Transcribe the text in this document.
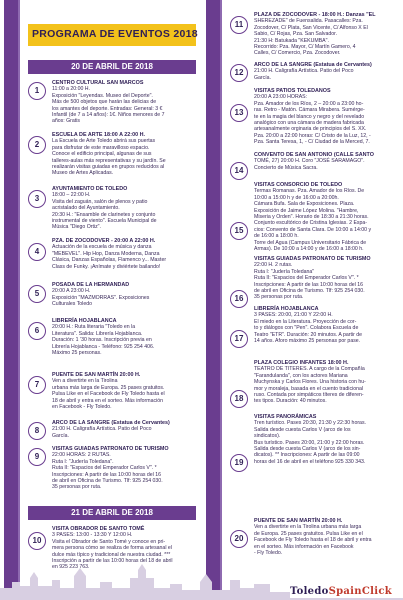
PROGRAMA DE EVENTOS 2018
20 DE ABRIL DE 2018
21 DE ABRIL DE 2018
ToledoSpainClick
1
CENTRO CULTURAL SAN MARCOS
11:00 a 20:00 H.
Exposición "Leyendas. Museo del Deporte".
Más de 500 objetos que harán las delicias de
los amantes del deporte. Entradas: General: 3 €
Infantil (de 7 a 14 años): 1€. Niños menores de 7
años: Gratis
2
ESCUELA DE ARTE 18:00 A 22:00 H.
La Escuela de Arte Toledo abrirá sus puertas
para disfrutar de este maravilloso espacio.
Conoce el edificio principal, algunas de sus
talleres-aulas más representativas y su jardín. Se
realizarán visitas guiadas en grupos reducidos al
Museo de Artes Aplicadas.
3
AYUNTAMIENTO DE TOLEDO
18:00 – 22:00 H.
Visita del zaguán, salón de plenos y patio
acristalado del Ayuntamiento.
20:30 H.: "Ensamble de clarinetes y conjunto
instrumental de viento". Escuela Municipal de
Música "Diego Ortiz".
4
PZA. DE ZOCODOVER - 20:00 A 22:00 H.
Actuación de la escuela de música y danza
"MEBEVEL". Hip Hop, Danza Moderna, Danza
Clásica, Danzas Españolas, Flamenco y... Master
Class de Funky. ¡Anímate y diviértete bailando!
5
POSADA DE LA HERMANDAD
20:00 A 23:00 H.
Exposición "MAZMORRAS". Exposiciones
Culturales Toledo
6
LIBRERÍA HOJABLANCA
20:00 H.: Ruta literaria "Toledo en la
Literatura". Salida: Librería Hojablanca.
Duración: 1 ’30 horas. Inscripción previa en
Librería Hojablanca - Teléfono: 925 254 406.
Máximo 25 personas.
7
PUENTE DE SAN MARTÍN 20:00 H.
Ven a divertirte en la Tirolina
urbana más larga de Europa. 25 pases gratuitos.
Pulsa Like en el Facebook de Fly Toledo hasta el
18 de abril y entra en el sorteo. Más información
en Facebook - Fly Toledo.
8
ARCO DE LA SANGRE (Estatua de Cervantes)
21:00 H. Caligrafía Artística. Patio del Poco
García.
9
VISITAS GUIADAS PATRONATO DE TURISMO
22:00 HORAS: 2 RUTAS.
Ruta I: "Judería Toledana".
Ruta II: "Espacios del Emperador Carlos V". *
Inscripciones: A partir de las 10:00 horas del 16
de abril en Oficina de Turismo. Tlf: 925 254 030.
35 personas por ruta.
10
VISITA OBRADOR DE SANTO TOMÉ
3 PASES: 13:00 - 13:30 Y 12:00 H.
Visita el Obrador de Santo Tomé y conoce en pri-
mera persona cómo se realiza de forma artesanal el
dulce más típico y tradicional de nuestra ciudad. ***
Inscripción a partir de las 10:00 horas del 18 de abril
en 925 223 763.
11
PLAZA DE ZOCODOVER - 18:00 H.: Danzas "EL
SHEREZADE" de Fuensalida. Pasacalles: Pza.
Zocodover, C/ Plata, San Vicente, C/ Alfonso X El
Sabio, C/ Rojas, Pza. San Salvador.
21:30 H: Batukada "KEKUMBA".
Recorrido: Pza. Mayor, C/ Martín Gamero, 4
Calles, C/ Comercio, Pza. Zocodover.
12
ARCO DE LA SANGRE (Estatua de Cervantes)
21:00 H. Caligrafía Artística. Patio del Poco
García.
13
VISITAS PATIOS TOLEDANOS
20:00 A 23:00 HORAS:
Pza. Amador de los Ríos, 2 – 20:00 a 23:00 ho-
ras. Retro - Matón. Cámara Mirabera. Sumérge-
te en la magia del blanco y negro y del revelado
analógico con una cámara de madera fabricada
artesanalmente orginaria de principios del S. XX.
Pza. 20:00 a 22:00 horas: C/ Cristo de la Luz, 12, -
Pza. Santa Teresa, 1, - C/ Ciudad de la Merced, 7.
14
CONVENTO DE SAN ANTONIO (CALLE SANTO
TOMÉ, 27) 20:00 H. Coro "JOSÉ SARAMAGO".
Concierto de Música Sacra.
15
VISITAS CONSORCIO DE TOLEDO
Termas Romanas. Pza. Amador de los Ríos. De
10:00 a 15:00 h y de 16:00 a 20:00h.
Cámara Bufa. Sala de Exposiciones. Plaza.
Exposición de Jaime López Molina. "Hambre,
Miseria y Orden". Horario de 18:30 a 21:30 horas.
Conjunto escultórico de Cristina Iglesias. 2 Espa-
cios: Convento de Santa Clara. De 10:00 a 14:00 y
de 16:00 a 18:00 h.
Torre del Agua (Campus Universitario Fábrica de
Armas). De 10:00 a 14:00 y de 16:00 a 18:00 h.
16
VISITAS GUIADAS PATRONATO DE TURISMO
22:00 H. 2 rutas.
Ruta I: "Judería Toledana"
Ruta II: "Espacios del Emperador Carlos V". *
Inscripciones: A partir de las 10:00 horas del 16
de abril en Oficina de Turismo. Tlf: 925 254 030.
35 personas por ruta.
17
LIBRERÍA HOJABLANCA
3 PASES: 20:00, 21:00 Y 22:00 H.
El miedo en la Literatura. Proyección de cor-
to y diálogos con "Pen". Colabora Escuela de
Teatro "ETR". Duración: 20 minutos. A partir de
14 años. Aforo máximo 25 personas por pase.
18
PLAZA COLEGIO INFANTES 18:00 H.
TEATRO DE TITERES. A cargo de la Compañía
"Farandulanda", con los actores Mariana
Muchynska y Carlos Flores. Una historia con hu-
mor y moraleja, basada en el cuento tradicional
ruso. Contada por simpáticos títeres de diferen-
tes tipos. Duración: 40 minutos.
19
VISITAS PANORÁMICAS
Tren turístico. Pases 20:30, 21:30 y 22:30 horas.
Salida desde cuesta Carlos V (arco de los
sindicatos).
Bus turístico. Pases 20:00, 21:00 y 22:00 horas.
Salida desde cuesta Carlos V (arco de los sin-
dicatos). ** Inscripciones: A partir de las 09:00
horas del 16 de abril en el teléfono 925 330 343.
20
PUENTE DE SAN MARTÍN 20:00 H.
Ven a divertirte en la Tirolina urbana más larga
de Europa. 25 pases gratuitos. Pulsa Like en el
Facebook de Fly Toledo hasta el 18 de abril y entra
en el sorteo. Más información en Facebook
- Fly Toledo.
